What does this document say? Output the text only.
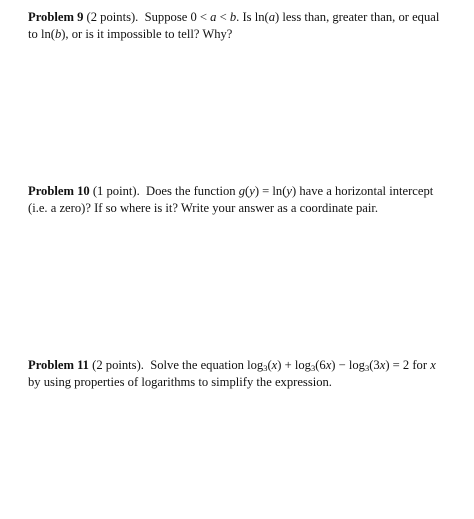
Problem 9 (2 points).  Suppose 0 < a < b. Is ln(a) less than, greater than, or equal
to ln(b), or is it impossible to tell? Why?
Problem 10 (1 point).  Does the function g(y) = ln(y) have a horizontal intercept
(i.e. a zero)? If so where is it? Write your answer as a coordinate pair.
Problem 11 (2 points).  Solve the equation $\log_3(x) + \log_3(6x) - \log_3(3x) = 2$ for x
by using properties of logarithms to simplify the expression.
